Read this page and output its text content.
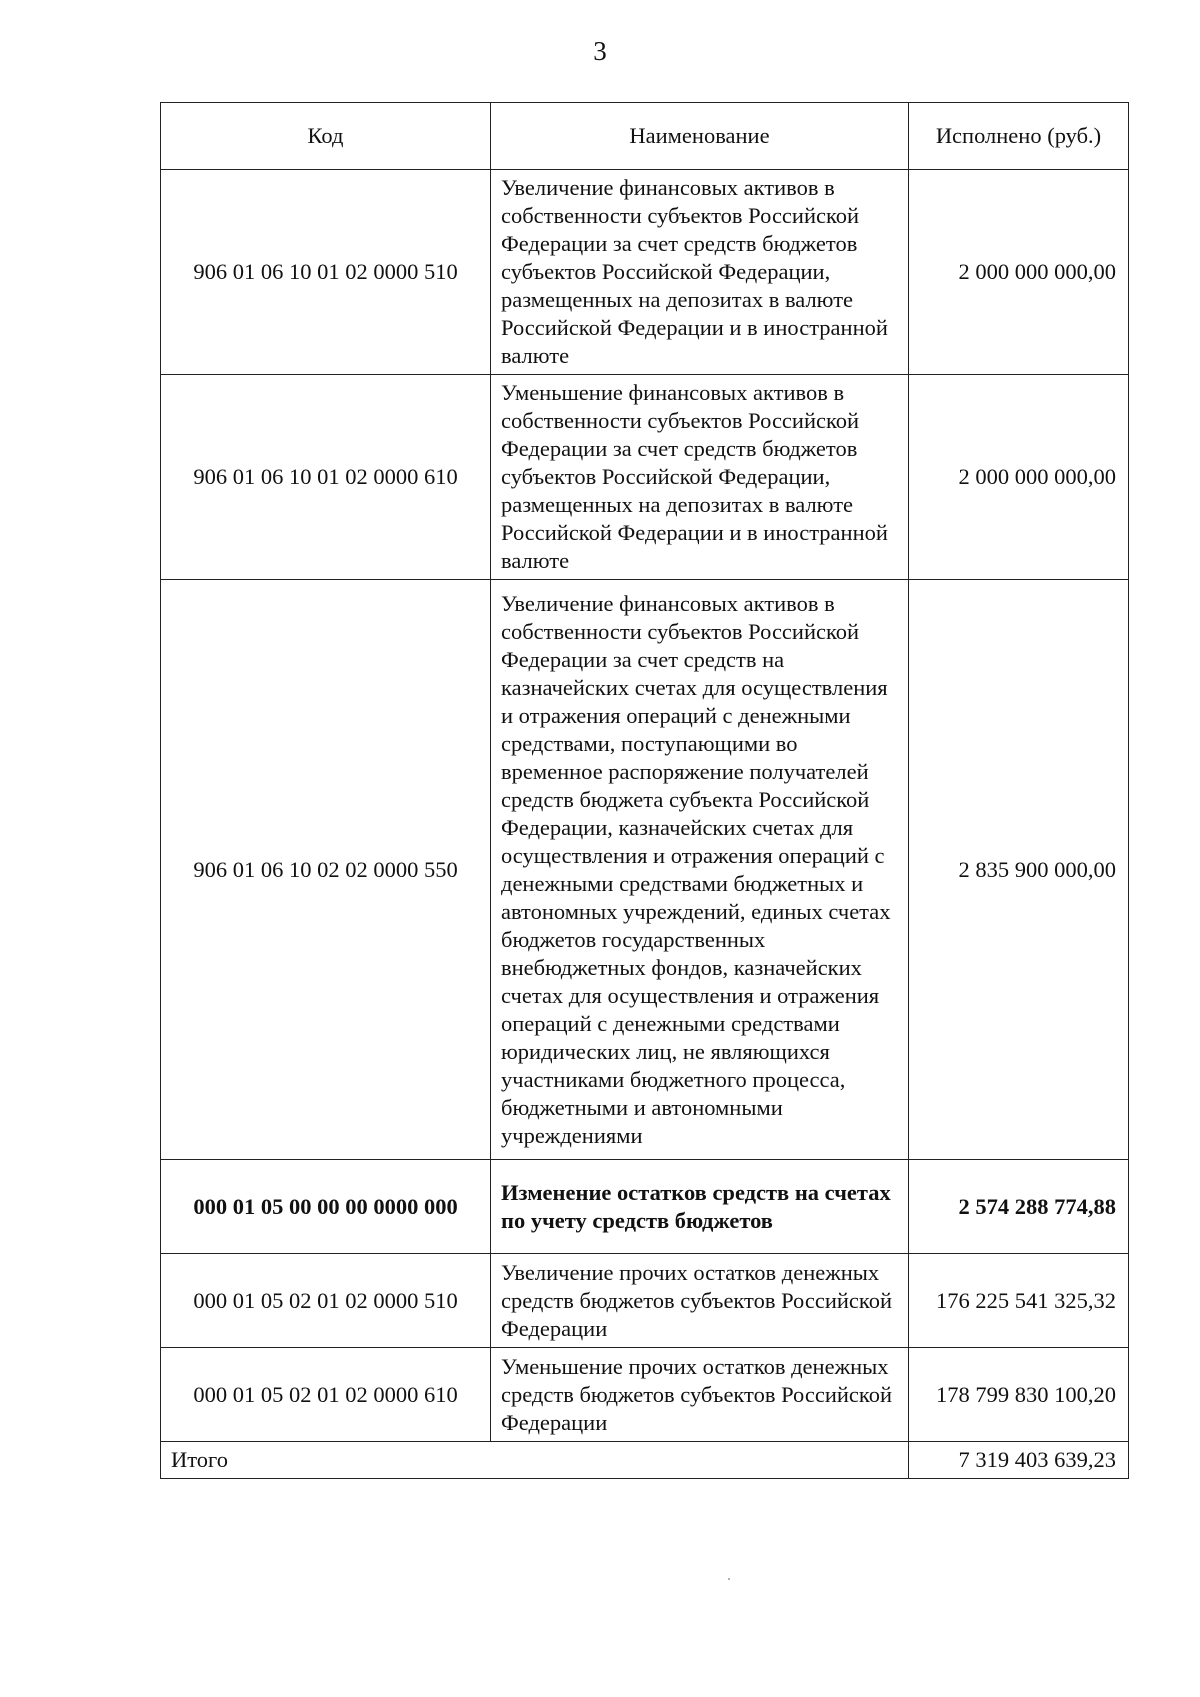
3
Код	Наименование	Исполнено (руб.)
906 01 06 10 01 02 0000 510	Увеличение финансовых активов в собственности субъектов Российской Федерации за счет средств бюджетов субъектов Российской Федерации, размещенных на депозитах в валюте Российской Федерации и в иностранной валюте	2 000 000 000,00
906 01 06 10 01 02 0000 610	Уменьшение финансовых активов в собственности субъектов Российской Федерации за счет средств бюджетов субъектов Российской Федерации, размещенных на депозитах в валюте Российской Федерации и в иностранной валюте	2 000 000 000,00
906 01 06 10 02 02 0000 550	Увеличение финансовых активов в собственности субъектов Российской Федерации за счет средств на казначейских счетах для осуществления и отражения операций с денежными средствами, поступающими во временное распоряжение получателей средств бюджета субъекта Российской Федерации, казначейских счетах для осуществления и отражения операций с денежными средствами бюджетных и автономных учреждений, единых счетах бюджетов государственных внебюджетных фондов, казначейских счетах для осуществления и отражения операций с денежными средствами юридических лиц, не являющихся участниками бюджетного процесса, бюджетными и автономными учреждениями	2 835 900 000,00
000 01 05 00 00 00 0000 000	Изменение остатков средств на счетах по учету средств бюджетов	2 574 288 774,88
000 01 05 02 01 02 0000 510	Увеличение прочих остатков денежных средств бюджетов субъектов Российской Федерации	176 225 541 325,32
000 01 05 02 01 02 0000 610	Уменьшение прочих остатков денежных средств бюджетов субъектов Российской Федерации	178 799 830 100,20
Итого		7 319 403 639,23
